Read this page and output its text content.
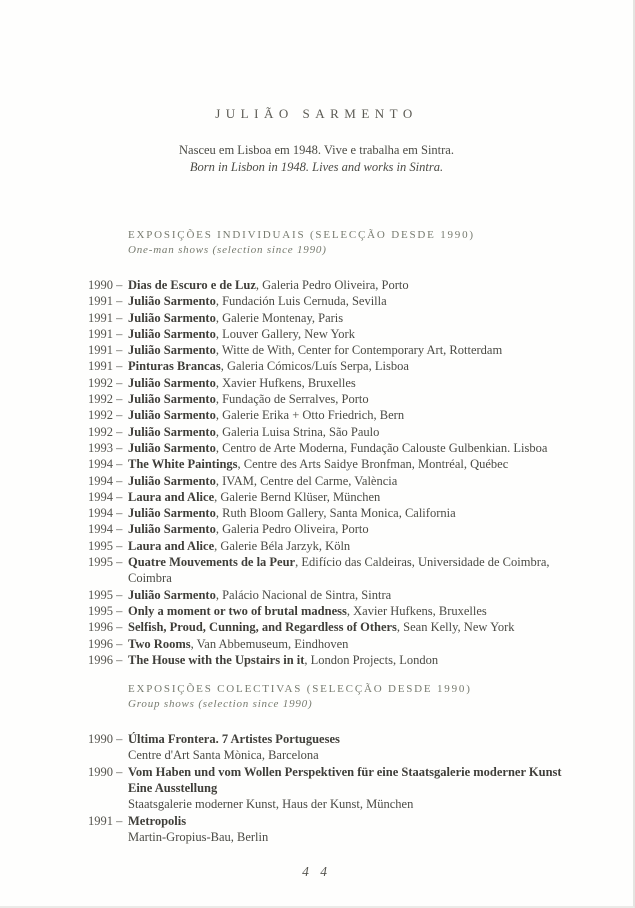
JULIÃO SARMENTO

Nasceu em Lisboa em 1948. Vive e trabalha em Sintra.

Born in Lisbon in 1948. Lives and works in Sintra.

EXPOSIÇÕES INDIVIDUAIS (SELECÇÃO DESDE 1990)

One-man shows (selection since 1990)

1990 – Dias de Escuro e de Luz, Galeria Pedro Oliveira, Porto
1991 – Julião Sarmento, Fundación Luis Cernuda, Sevilla
1991 – Julião Sarmento, Galerie Montenay, Paris
1991 – Julião Sarmento, Louver Gallery, New York
1991 – Julião Sarmento, Witte de With, Center for Contemporary Art, Rotterdam
1991 – Pinturas Brancas, Galeria Cómicos/Luís Serpa, Lisboa
1992 – Julião Sarmento, Xavier Hufkens, Bruxelles
1992 – Julião Sarmento, Fundação de Serralves, Porto
1992 – Julião Sarmento, Galerie Erika + Otto Friedrich, Bern
1992 – Julião Sarmento, Galeria Luisa Strina, São Paulo
1993 – Julião Sarmento, Centro de Arte Moderna, Fundação Calouste Gulbenkian. Lisboa
1994 – The White Paintings, Centre des Arts Saidye Bronfman, Montréal, Québec
1994 – Julião Sarmento, IVAM, Centre del Carme, València
1994 – Laura and Alice, Galerie Bernd Klüser, München
1994 – Julião Sarmento, Ruth Bloom Gallery, Santa Monica, California
1994 – Julião Sarmento, Galeria Pedro Oliveira, Porto
1995 – Laura and Alice, Galerie Béla Jarzyk, Köln
1995 – Quatre Mouvements de la Peur, Edifício das Caldeiras, Universidade de Coimbra,
Coimbra
1995 – Julião Sarmento, Palácio Nacional de Sintra, Sintra
1995 – Only a moment or two of brutal madness, Xavier Hufkens, Bruxelles
1996 – Selfish, Proud, Cunning, and Regardless of Others, Sean Kelly, New York
1996 – Two Rooms, Van Abbemuseum, Eindhoven
1996 – The House with the Upstairs in it, London Projects, London
EXPOSIÇÕES COLECTIVAS (SELECÇÃO DESDE 1990)

Group shows (selection since 1990)

1990 – Última Frontera. 7 Artistes Portugueses
Centre d'Art Santa Mònica, Barcelona
1990 – Vom Haben und vom Wollen Perspektiven für eine Staatsgalerie moderner Kunst
Eine Ausstellung
Staatsgalerie moderner Kunst, Haus der Kunst, München
1991 – Metropolis
Martin-Gropius-Bau, Berlin
4 4
